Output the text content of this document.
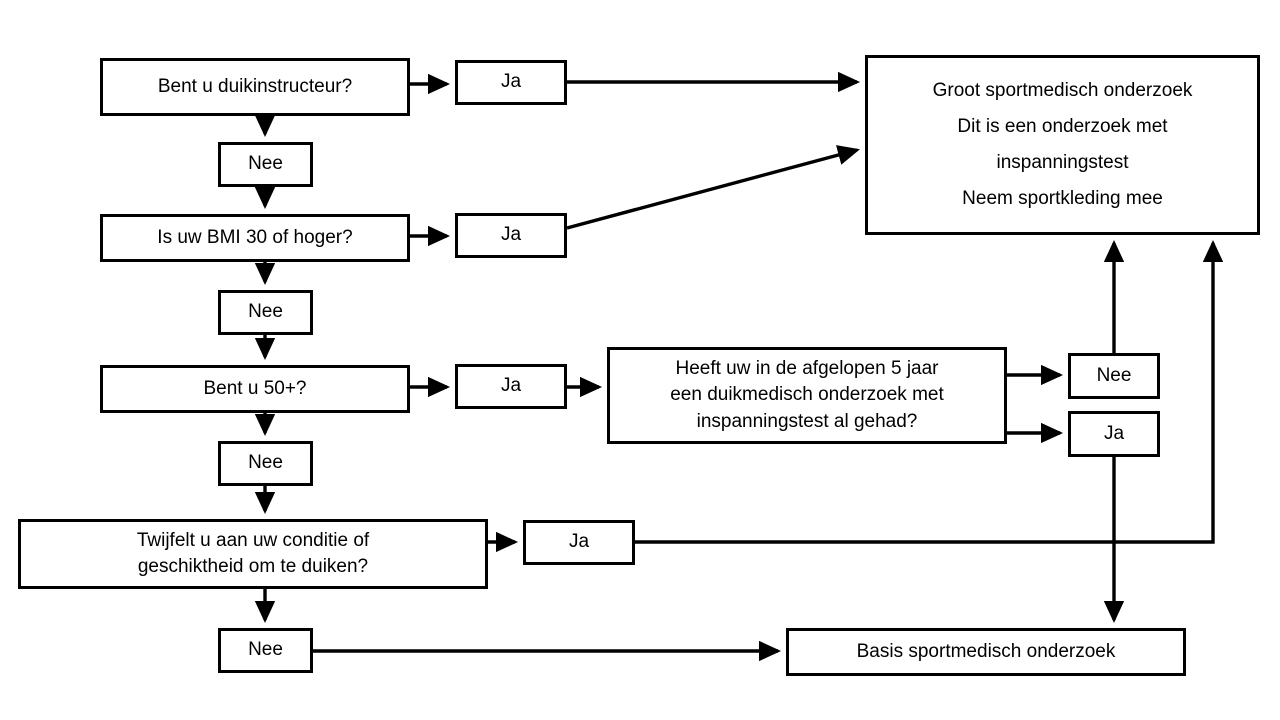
Bent u duikinstructeur?
Nee
Ja
Is uw BMI 30 of hoger?	Ja
Nee
Bent u 50+?	Ja
Heeft uw in de afgelopen 5 jaar
een duikmedisch onderzoek met
inspanningstest al gehad?
Nee
Ja
Nee
Twijfelt u aan uw conditie of
geschiktheid om te duiken?
Ja
Nee
Groot sportmedisch onderzoek
Dit is een onderzoek met
inspanningstest
Neem sportkleding mee
Basis sportmedisch onderzoek
